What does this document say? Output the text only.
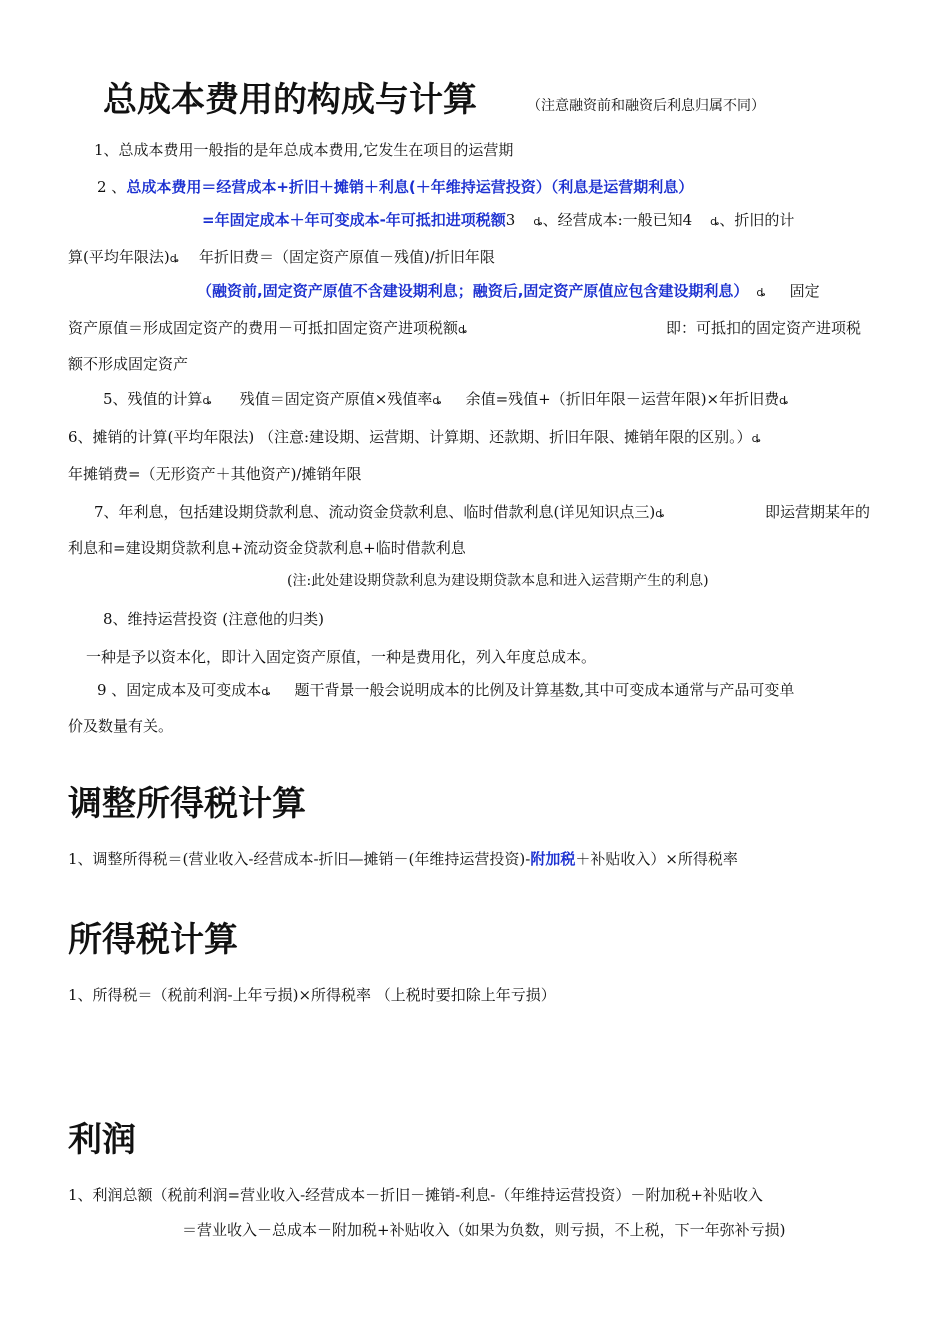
总成本费用的构成与计算	（注意融资前和融资后利息归属不同）
1、总成本费用一般指的是年总成本费用,它发生在项目的运营期
2 、总成本费用＝经营成本+折旧＋摊销＋利息(＋年维持运营投资）（利息是运营期利息）
=年固定成本＋年可变成本-年可抵扣进项税额3 ȡ、经营成本:一般已知4 ȡ、折旧的计
算(平均年限法)ȡ 年折旧费＝（固定资产原值－残值)/折旧年限
（融资前,固定资产原值不含建设期利息；融资后,固定资产原值应包含建设期利息） ȡ 固定
资产原值＝形成固定资产的费用－可抵扣固定资产进项税额ȡ	即：可抵扣的固定资产进项税
额不形成固定资产
5、残值的计算ȡ 残值＝固定资产原值×残值率ȡ 余值=残值+（折旧年限－运营年限)×年折旧费ȡ
6、摊销的计算(平均年限法) （注意:建设期、运营期、计算期、还款期、折旧年限、摊销年限的区别。）ȡ
年摊销费=（无形资产＋其他资产)/摊销年限
7、年利息，包括建设期贷款利息、流动资金贷款利息、临时借款利息(详见知识点三)ȡ	即运营期某年的
利息和=建设期贷款利息+流动资金贷款利息+临时借款利息
(注:此处建设期贷款利息为建设期贷款本息和进入运营期产生的利息)
8、维持运营投资 (注意他的归类)
一种是予以资本化，即计入固定资产原值，一种是费用化，列入年度总成本。
9 、固定成本及可变成本ȡ 题干背景一般会说明成本的比例及计算基数,其中可变成本通常与产品可变单
价及数量有关。
调整所得税计算
1、调整所得税＝(营业收入-经营成本-折旧—摊销－(年维持运营投资)-附加税＋补贴收入）×所得税率
所得税计算
1、所得税＝（税前利润-上年亏损)×所得税率 （上税时要扣除上年亏损）
利润
1、利润总额（税前利润=营业收入-经营成本－折旧－摊销-利息-（年维持运营投资）－附加税+补贴收入
＝营业收入－总成本－附加税+补贴收入（如果为负数，则亏损，不上税，下一年弥补亏损)
